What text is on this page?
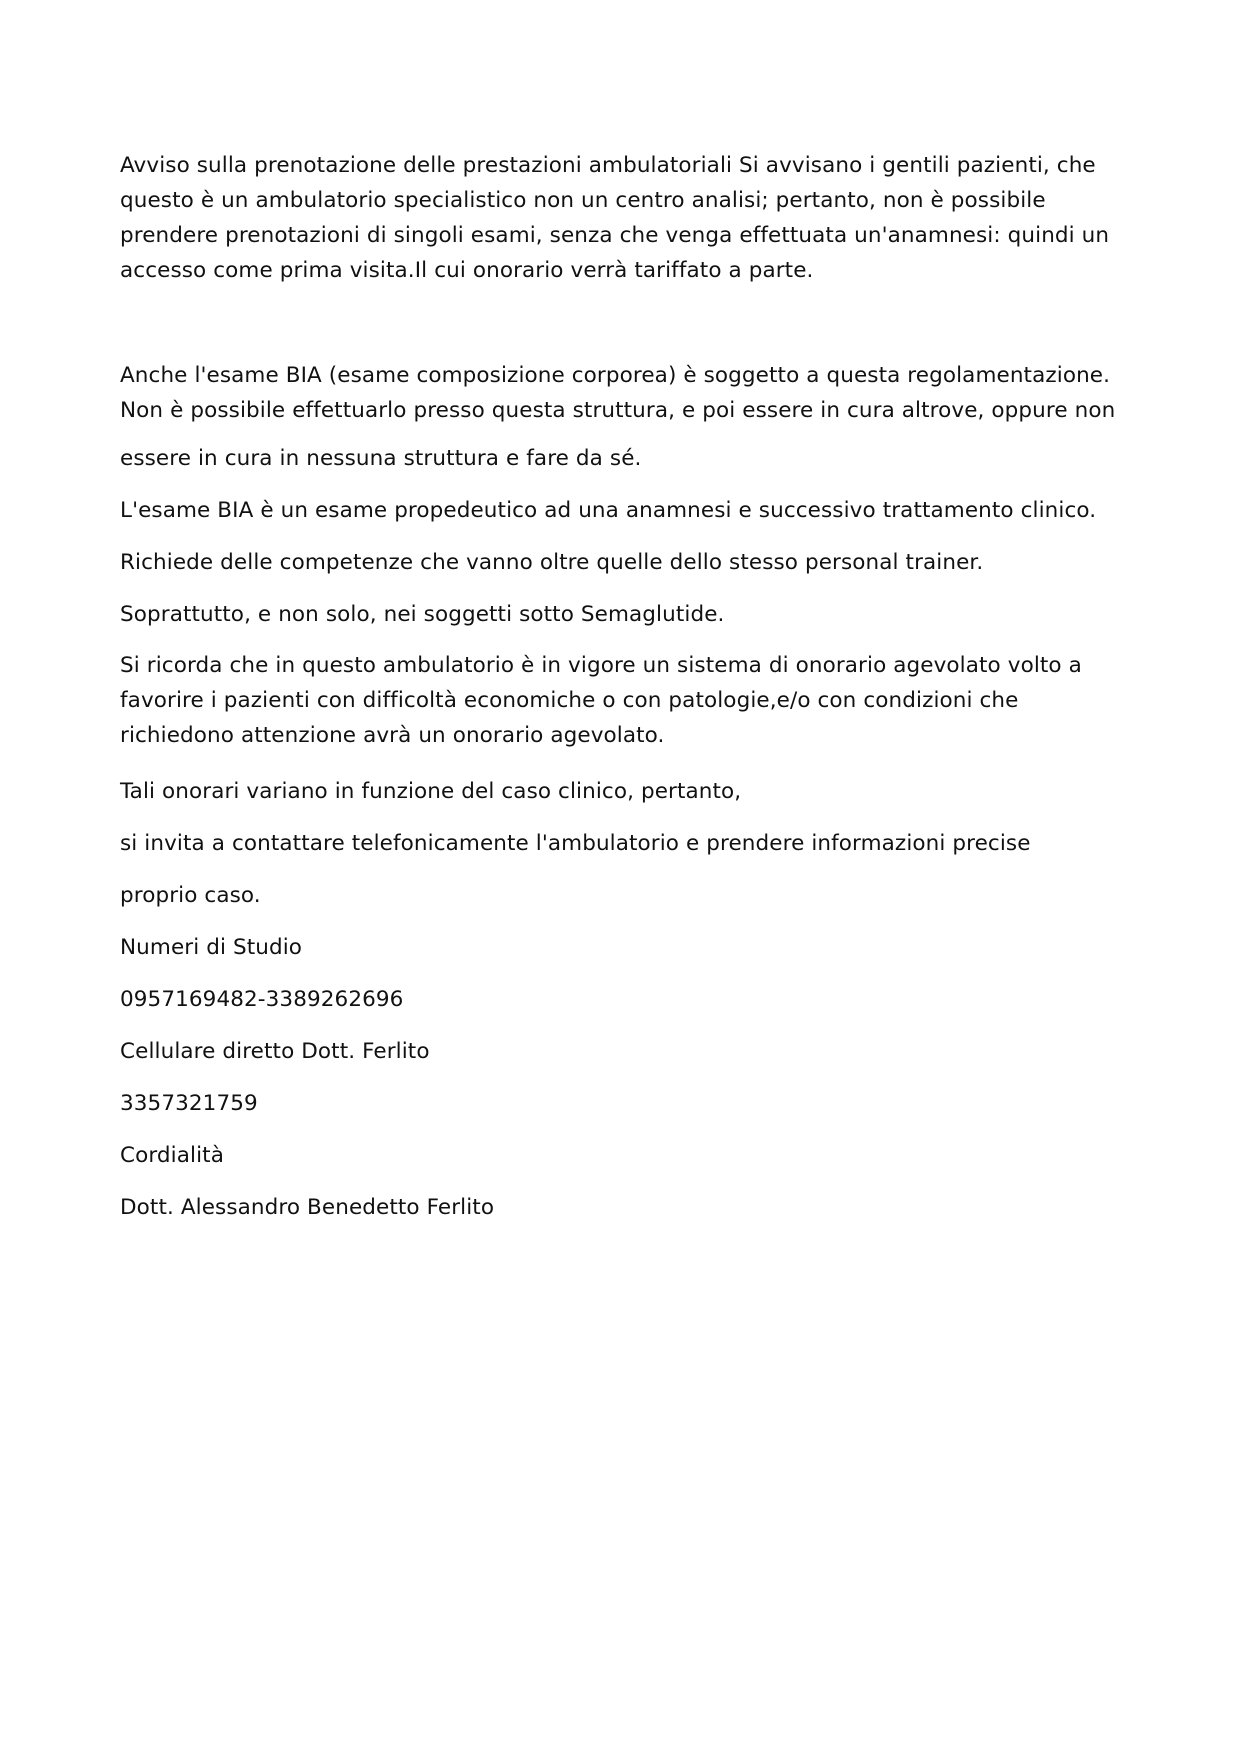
Avviso sulla prenotazione delle prestazioni ambulatoriali Si avvisano i gentili pazienti, che
questo è un ambulatorio specialistico non un centro analisi; pertanto, non è possibile
prendere prenotazioni di singoli esami, senza che venga effettuata un'anamnesi: quindi un
accesso come prima visita.Il cui onorario verrà tariffato a parte.
Anche l'esame BIA (esame composizione corporea) è soggetto a questa regolamentazione.
Non è possibile effettuarlo presso questa struttura, e poi essere in cura altrove, oppure non

essere in cura in nessuna struttura e fare da sé.

L'esame BIA è un esame propedeutico ad una anamnesi e successivo trattamento clinico.

Richiede delle competenze che vanno oltre quelle dello stesso personal trainer.

Soprattutto, e non solo, nei soggetti sotto Semaglutide.

Si ricorda che in questo ambulatorio è in vigore un sistema di onorario agevolato volto a
favorire i pazienti con difficoltà economiche o con patologie,e/o con condizioni che
richiedono attenzione avrà un onorario agevolato.

Tali onorari variano in funzione del caso clinico, pertanto,

si invita a contattare telefonicamente l'ambulatorio e prendere informazioni precise

proprio caso.

Numeri di Studio

0957169482-3389262696

Cellulare diretto Dott. Ferlito

3357321759

Cordialità

Dott. Alessandro Benedetto Ferlito
